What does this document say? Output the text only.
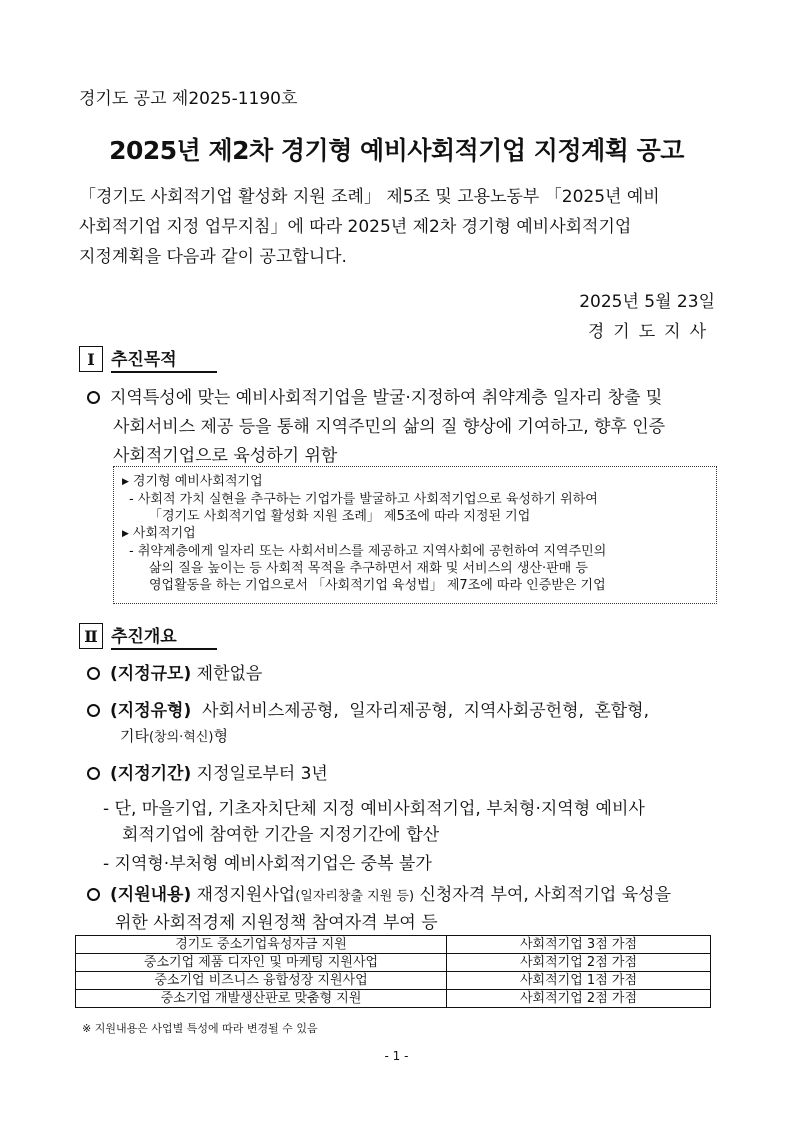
경기도 공고 제2025-1190호
2025년 제2차 경기형 예비사회적기업 지정계획 공고
「경기도 사회적기업 활성화 지원 조례」 제5조 및 고용노동부 「2025년 예비
사회적기업 지정 업무지침」에 따라 2025년 제2차 경기형 예비사회적기업
지정계획을 다음과 같이 공고합니다.
2025년 5월 23일
경기도지사
Ⅰ 추진목적
지역특성에 맞는 예비사회적기업을 발굴·지정하여 취약계층 일자리 창출 및
사회서비스 제공 등을 통해 지역주민의 삶의 질 향상에 기여하고, 향후 인증
사회적기업으로 육성하기 위함
▶ 경기형 예비사회적기업
- 사회적 가치 실현을 추구하는 기업가를 발굴하고 사회적기업으로 육성하기 위하여
「경기도 사회적기업 활성화 지원 조례」 제5조에 따라 지정된 기업
▶ 사회적기업
- 취약계층에게 일자리 또는 사회서비스를 제공하고 지역사회에 공헌하여 지역주민의
삶의 질을 높이는 등 사회적 목적을 추구하면서 재화 및 서비스의 생산·판매 등
영업활동을 하는 기업으로서 「사회적기업 육성법」 제7조에 따라 인증받은 기업
Ⅱ 추진개요
(지정규모) 제한없음
(지정유형) 사회서비스제공형, 일자리제공형, 지역사회공헌형, 혼합형,
기타(창의·혁신)형
(지정기간) 지정일로부터 3년
- 단, 마을기업, 기초자치단체 지정 예비사회적기업, 부처형·지역형 예비사
회적기업에 참여한 기간을 지정기간에 합산
- 지역형·부처형 예비사회적기업은 중복 불가
(지원내용) 재정지원사업(일자리창출 지원 등) 신청자격 부여, 사회적기업 육성을
위한 사회적경제 지원정책 참여자격 부여 등
경기도 중소기업육성자금 지원	사회적기업 3점 가점
중소기업 제품 디자인 및 마케팅 지원사업	사회적기업 2점 가점
중소기업 비즈니스 융합성장 지원사업	사회적기업 1점 가점
중소기업 개발생산판로 맞춤형 지원	사회적기업 2점 가점
※ 지원내용은 사업별 특성에 따라 변경될 수 있음
- 1 -
